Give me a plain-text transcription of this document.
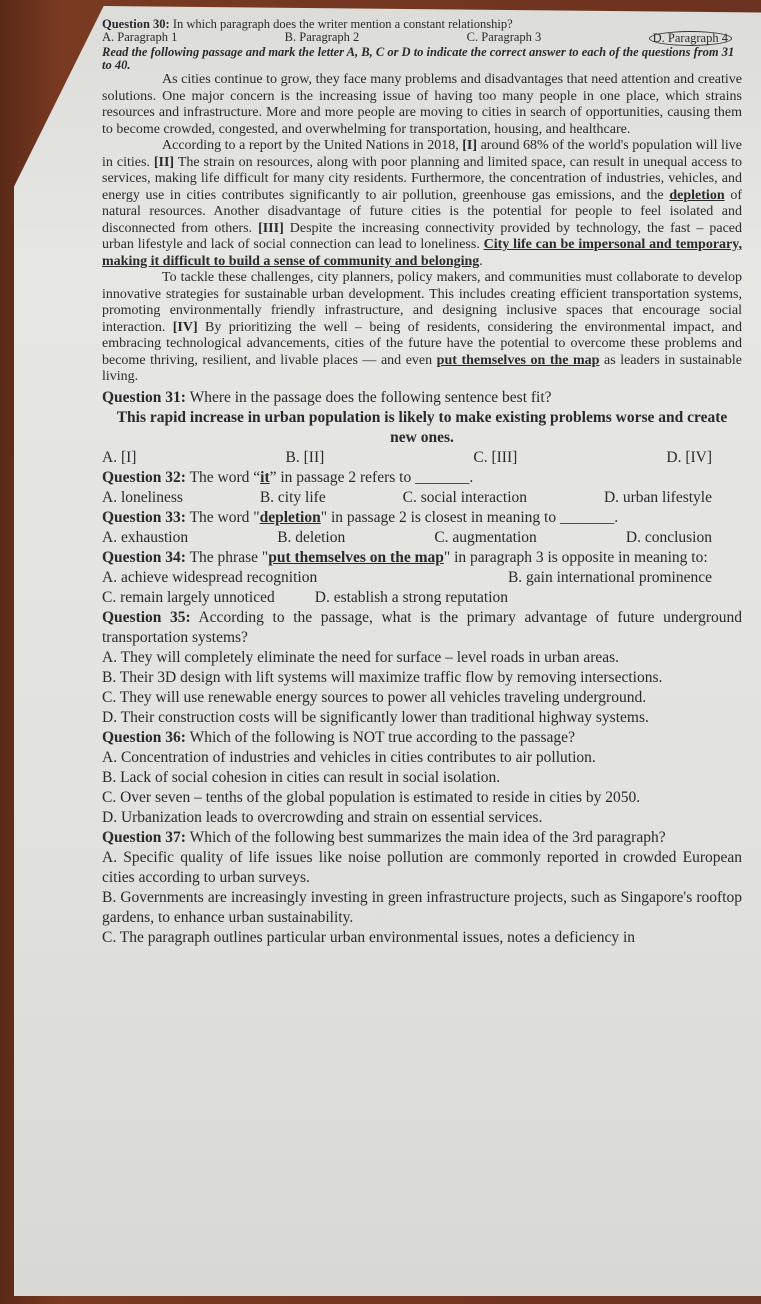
Question 30: In which paragraph does the writer mention a constant relationship?
A. Paragraph 1	B. Paragraph 2	C. Paragraph 3	D. Paragraph 4
Read the following passage and mark the letter A, B, C or D to indicate the correct answer to each of the questions from 31 to 40.

As cities continue to grow, they face many problems and disadvantages that need attention and creative solutions. One major concern is the increasing issue of having too many people in one place, which strains resources and infrastructure. More and more people are moving to cities in search of opportunities, causing them to become crowded, congested, and overwhelming for transportation, housing, and healthcare.

According to a report by the United Nations in 2018, [I] around 68% of the world's population will live in cities. [II] The strain on resources, along with poor planning and limited space, can result in unequal access to services, making life difficult for many city residents. Furthermore, the concentration of industries, vehicles, and energy use in cities contributes significantly to air pollution, greenhouse gas emissions, and the depletion of natural resources. Another disadvantage of future cities is the potential for people to feel isolated and disconnected from others. [III] Despite the increasing connectivity provided by technology, the fast – paced urban lifestyle and lack of social connection can lead to loneliness. City life can be impersonal and temporary, making it difficult to build a sense of community and belonging.

To tackle these challenges, city planners, policy makers, and communities must collaborate to develop innovative strategies for sustainable urban development. This includes creating efficient transportation systems, promoting environmentally friendly infrastructure, and designing inclusive spaces that encourage social interaction. [IV] By prioritizing the well – being of residents, considering the environmental impact, and embracing technological advancements, cities of the future have the potential to overcome these problems and become thriving, resilient, and livable places — and even put themselves on the map as leaders in sustainable living.

Question 31: Where in the passage does the following sentence best fit?

This rapid increase in urban population is likely to make existing problems worse and create new ones.

A. [I]	B. [II]	C. [III]	D. [IV]

Question 32: The word “it” in passage 2 refers to _______.

A. loneliness	B. city life	C. social interaction	D. urban lifestyle

Question 33: The word "depletion" in passage 2 is closest in meaning to _______.

A. exhaustion	B. deletion	C. augmentation	D. conclusion

Question 34: The phrase "put themselves on the map" in paragraph 3 is opposite in meaning to:

A. achieve widespread recognition	B. gain international prominence
C. remain largely unnoticed	D. establish a strong reputation

Question 35: According to the passage, what is the primary advantage of future underground transportation systems?

A. They will completely eliminate the need for surface – level roads in urban areas.

B. Their 3D design with lift systems will maximize traffic flow by removing intersections.

C. They will use renewable energy sources to power all vehicles traveling underground.

D. Their construction costs will be significantly lower than traditional highway systems.

Question 36: Which of the following is NOT true according to the passage?

A. Concentration of industries and vehicles in cities contributes to air pollution.

B. Lack of social cohesion in cities can result in social isolation.

C. Over seven – tenths of the global population is estimated to reside in cities by 2050.

D. Urbanization leads to overcrowding and strain on essential services.

Question 37: Which of the following best summarizes the main idea of the 3rd paragraph?

A. Specific quality of life issues like noise pollution are commonly reported in crowded European cities according to urban surveys.

B. Governments are increasingly investing in green infrastructure projects, such as Singapore's rooftop gardens, to enhance urban sustainability.

C. The paragraph outlines particular urban environmental issues, notes a deficiency in
